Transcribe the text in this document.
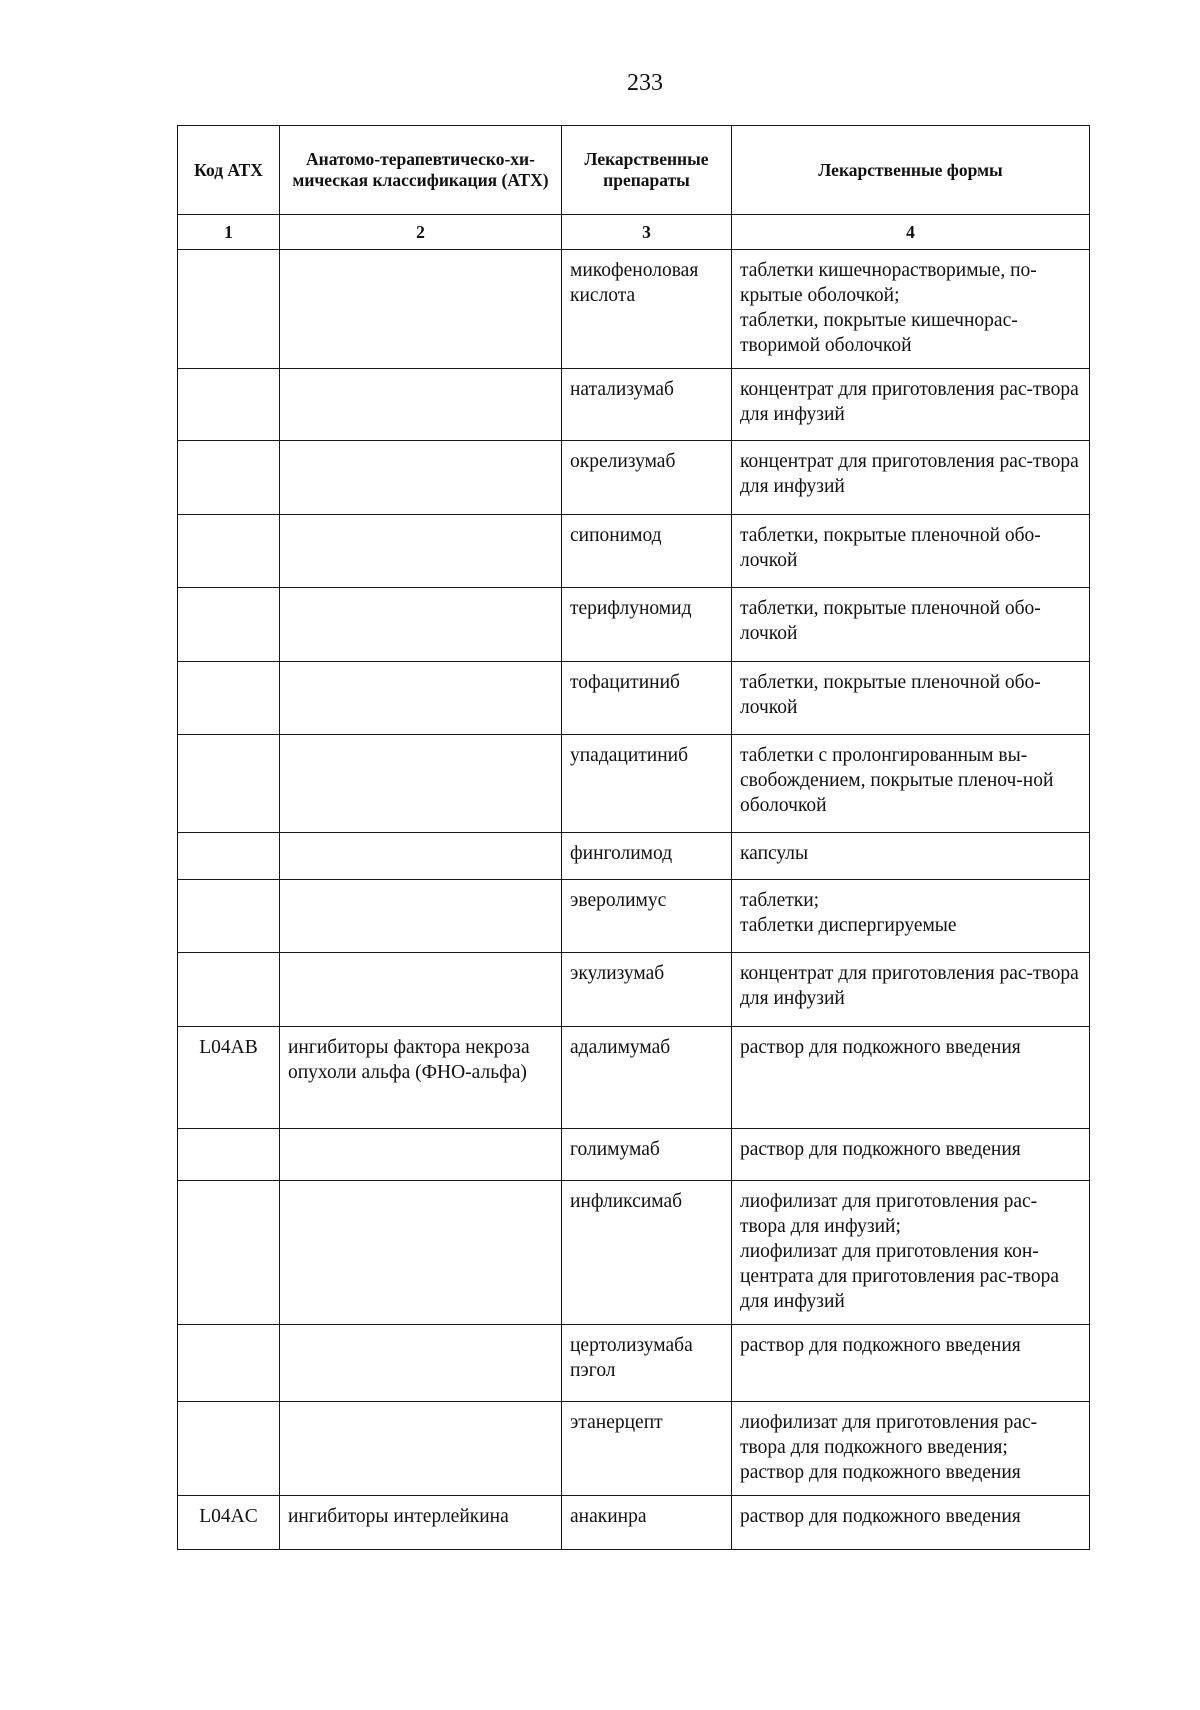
233
Код АТХ	Анатомо-терапевтическо-хи-мическая классификация (АТХ)	Лекарственные препараты	Лекарственные формы
1	2	3	4
		микофеноловая кислота	таблетки кишечнорастворимые, по-крытые оболочкой;
таблетки, покрытые кишечнорас-творимой оболочкой

		натализумаб	концентрат для приготовления рас-твора для инфузий

		окрелизумаб	концентрат для приготовления рас-твора для инфузий

		сипонимод	таблетки, покрытые пленочной обо-лочкой

		терифлуномид	таблетки, покрытые пленочной обо-лочкой

		тофацитиниб	таблетки, покрытые пленочной обо-лочкой

		упадацитиниб	таблетки с пролонгированным вы-свобождением, покрытые пленоч-ной оболочкой

		финголимод	капсулы

		эверолимус	таблетки;
таблетки диспергируемые

		экулизумаб	концентрат для приготовления рас-твора для инфузий

L04AB	ингибиторы фактора некроза опухоли альфа (ФНО-альфа)	адалимумаб	раствор для подкожного введения

		голимумаб	раствор для подкожного введения

		инфликсимаб	лиофилизат для приготовления рас-твора для инфузий;
лиофилизат для приготовления кон-центрата для приготовления рас-твора для инфузий

		цертолизумаба пэгол	раствор для подкожного введения

		этанерцепт	лиофилизат для приготовления рас-твора для подкожного введения;
раствор для подкожного введения

L04AC	ингибиторы интерлейкина	анакинра	раствор для подкожного введения
